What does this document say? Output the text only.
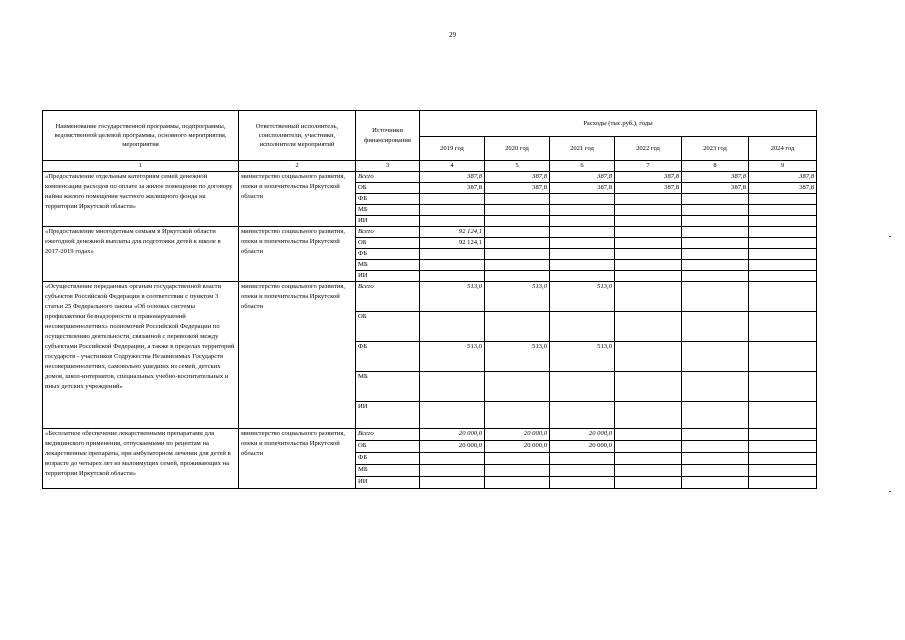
29
Наименование государственной программы, подпрограммы, ведомственной целевой программы, основного мероприятия, мероприятия	Ответственный исполнитель, соисполнители, участники, исполнители мероприятий	Источники финансирования	Расходы (тыс.руб.), годы					
			2019 год	2020 год	2021 год	2022 год	2023 год	2024 год
1	2	3	4	5	6	7	8	9
«Предоставление отдельным категориям семей денежной компенсации расходов по оплате за жилое помещение по договору найма жилого помещения частного жилищного фонда на территории Иркутской области»	министерство социального развития, опеки и попечительства Иркутской области	Всего	387,8	387,8	387,8	387,8	387,8	387,8
		ОБ	387,8	387,8	387,8	387,8	387,8	387,8
		ФБ						
		МБ						
		ИИ						
«Предоставление многодетным семьям в Иркутской области ежегодной денежной выплаты для подготовки детей к школе в 2017-2019 годах»	министерство социального развития, опеки и попечительства Иркутской области	Всего	92 124,1					
		ОБ	92 124,1					
		ФБ						
		МБ						
		ИИ						
«Осуществление переданных органам государственной власти субъектов Российской Федерации в соответствии с пунктом 3 статьи 25 Федерального закона «Об основах системы профилактики безнадзорности и правонарушений несовершеннолетних» полномочий Российской Федерации по осуществлению деятельности, связанной с перевозкой между субъектами Российской Федерации, а также в пределах территорий государств - участников Содружества Независимых Государств несовершеннолетних, самовольно ушедших из семей, детских домов, школ-интернатов, специальных учебно-воспитательных и иных детских учреждений»	министерство социального развития, опеки и попечительства Иркутской области	Всего	513,0	513,0	513,0			
		ОБ						
		ФБ	513,0	513,0	513,0			
		МБ						
		ИИ						
«Бесплатное обеспечение лекарственными препаратами для медицинского применения, отпускаемыми по рецептам на лекарственные препараты, при амбулаторном лечении для детей в возрасте до четырех лет из малоимущих семей, проживающих на территории Иркутской области»	министерство социального развития, опеки и попечительства Иркутской области	Всего	20 000,0	20 000,0	20 000,0			
		ОБ	20 000,0	20 000,0	20 000,0			
		ФБ						
		МБ						
		ИИ						
